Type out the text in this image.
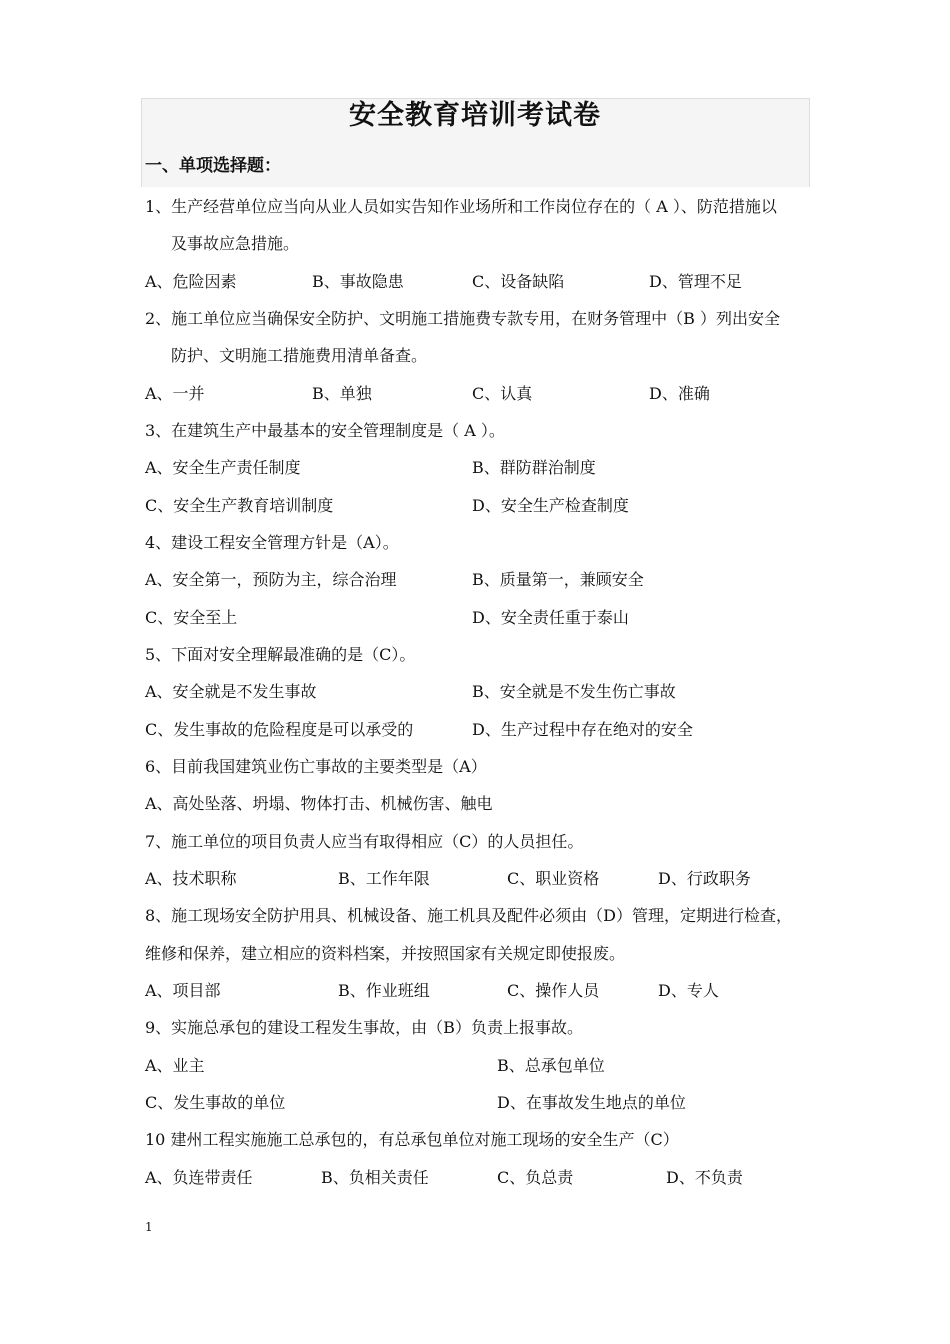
安全教育培训考试卷
一、单项选择题：
1、生产经营单位应当向从业人员如实告知作业场所和工作岗位存在的（ A ）、防范措施以
及事故应急措施。
A、危险因素	B、事故隐患	C、设备缺陷	D、管理不足
2、施工单位应当确保安全防护、文明施工措施费专款专用，在财务管理中（B ）列出安全
防护、文明施工措施费用清单备查。
A、一并	B、单独	C、认真	D、准确
3、在建筑生产中最基本的安全管理制度是（ A ）。
A、安全生产责任制度	B、群防群治制度
C、安全生产教育培训制度	D、安全生产检查制度
4、建设工程安全管理方针是（A）。
A、安全第一，预防为主，综合治理	B、质量第一，兼顾安全
C、安全至上	D、安全责任重于泰山
5、下面对安全理解最准确的是（C）。
A、安全就是不发生事故	B、安全就是不发生伤亡事故
C、发生事故的危险程度是可以承受的	D、生产过程中存在绝对的安全
6、目前我国建筑业伤亡事故的主要类型是（A）
A、高处坠落、坍塌、物体打击、机械伤害、触电
7、施工单位的项目负责人应当有取得相应（C）的人员担任。
A、技术职称	B、工作年限	C、职业资格	D、行政职务
8、施工现场安全防护用具、机械设备、施工机具及配件必须由（D）管理，定期进行检查，
维修和保养，建立相应的资料档案，并按照国家有关规定即使报废。
A、项目部	B、作业班组	C、操作人员	D、专人
9、实施总承包的建设工程发生事故，由（B）负责上报事故。
A、业主	B、总承包单位
C、发生事故的单位	D、在事故发生地点的单位
10 建州工程实施施工总承包的，有总承包单位对施工现场的安全生产（C）
A、负连带责任	B、负相关责任	C、负总责	D、不负责
1
